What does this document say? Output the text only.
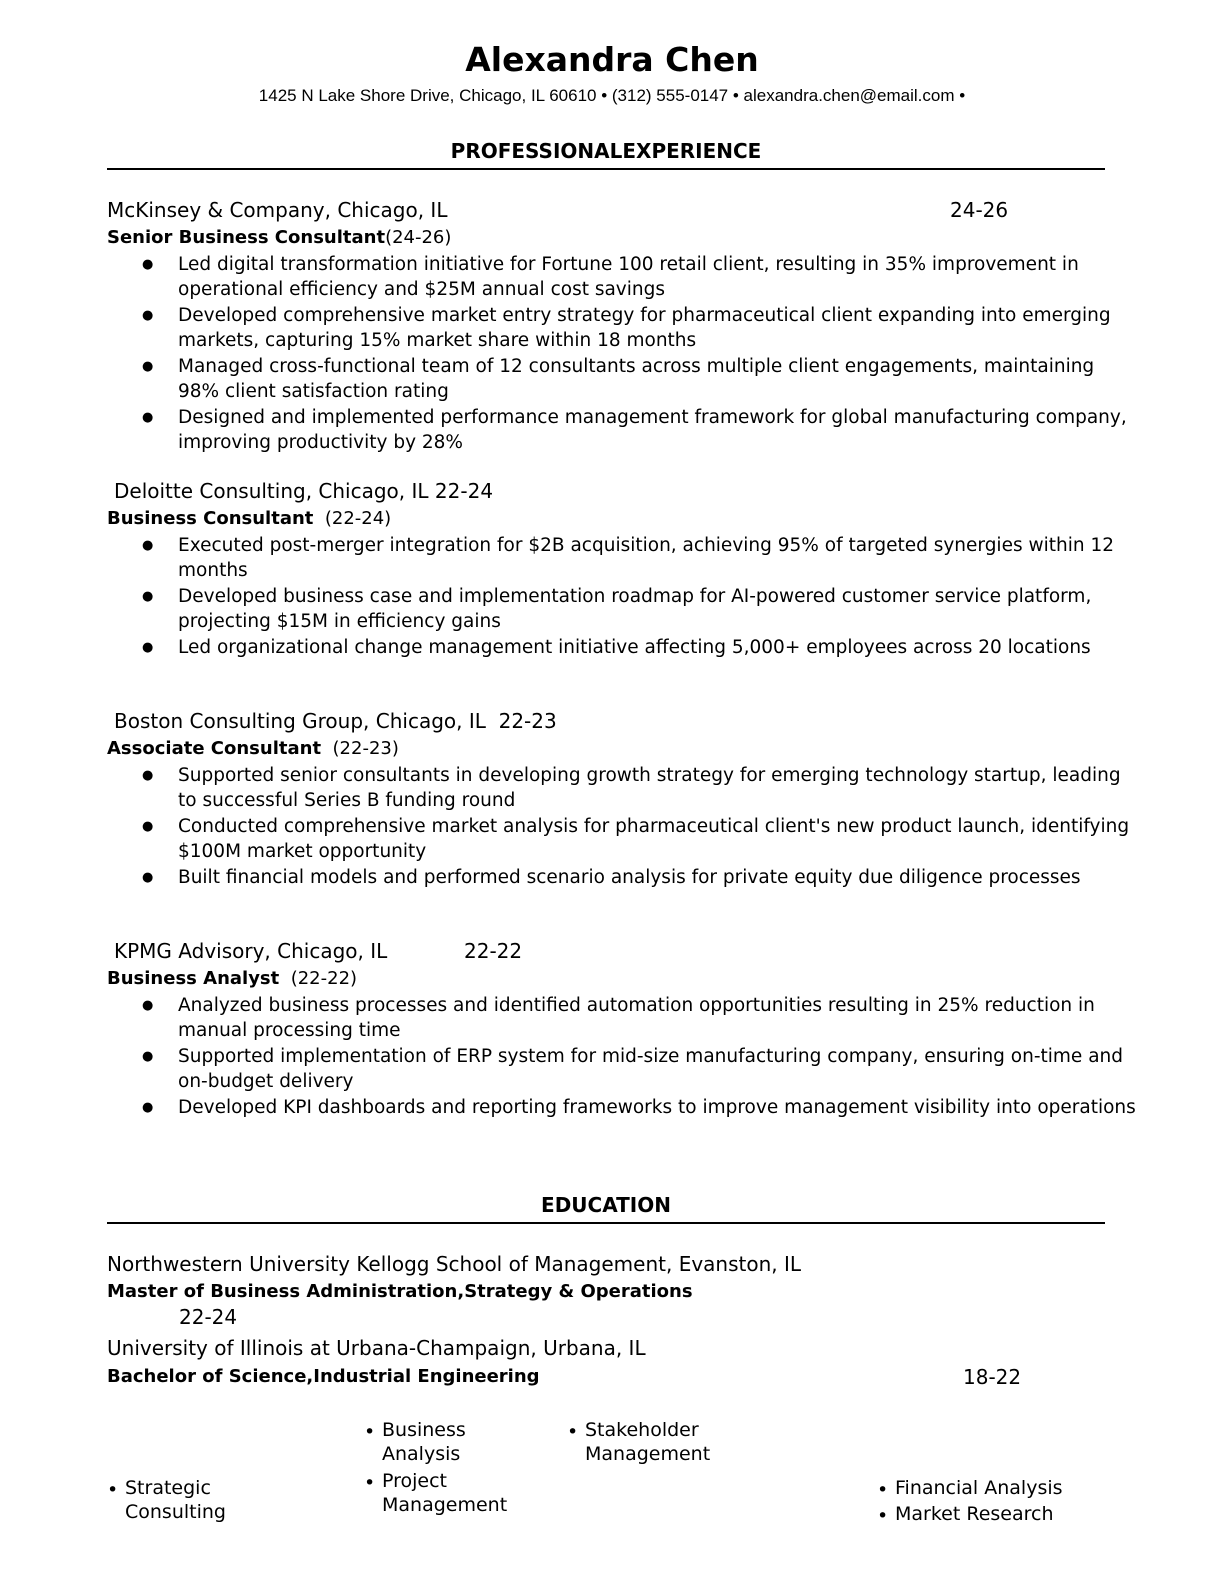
Alexandra Chen
1425 N Lake Shore Drive, Chicago, IL 60610 • (312) 555-0147 • alexandra.chen@email.com •
PROFESSIONALEXPERIENCE
McKinsey & Company, Chicago, IL	24-26
Senior Business Consultant(24-26)
● Led digital transformation initiative for Fortune 100 retail client, resulting in 35% improvement in operational efficiency and $25M annual cost savings
● Developed comprehensive market entry strategy for pharmaceutical client expanding into emerging markets, capturing 15% market share within 18 months
● Managed cross-functional team of 12 consultants across multiple client engagements, maintaining 98% client satisfaction rating
● Designed and implemented performance management framework for global manufacturing company, improving productivity by 28%
Deloitte Consulting, Chicago, IL 22-24
Business Consultant (22-24)
● Executed post-merger integration for $2B acquisition, achieving 95% of targeted synergies within 12 months
● Developed business case and implementation roadmap for AI-powered customer service platform, projecting $15M in efficiency gains
● Led organizational change management initiative affecting 5,000+ employees across 20 locations
Boston Consulting Group, Chicago, IL 22-23
Associate Consultant (22-23)
● Supported senior consultants in developing growth strategy for emerging technology startup, leading to successful Series B funding round
● Conducted comprehensive market analysis for pharmaceutical client's new product launch, identifying $100M market opportunity
● Built financial models and performed scenario analysis for private equity due diligence processes
KPMG Advisory, Chicago, IL	22-22
Business Analyst (22-22)
● Analyzed business processes and identified automation opportunities resulting in 25% reduction in manual processing time
● Supported implementation of ERP system for mid-size manufacturing company, ensuring on-time and on-budget delivery
● Developed KPI dashboards and reporting frameworks to improve management visibility into operations
EDUCATION
Northwestern University Kellogg School of Management, Evanston, IL
Master of Business Administration,Strategy & Operations
22-24
University of Illinois at Urbana-Champaign, Urbana, IL
Bachelor of Science,Industrial Engineering	18-22
• Strategic Consulting
• Business Analysis
• Project Management
• Stakeholder Management
• Financial Analysis
• Market Research
